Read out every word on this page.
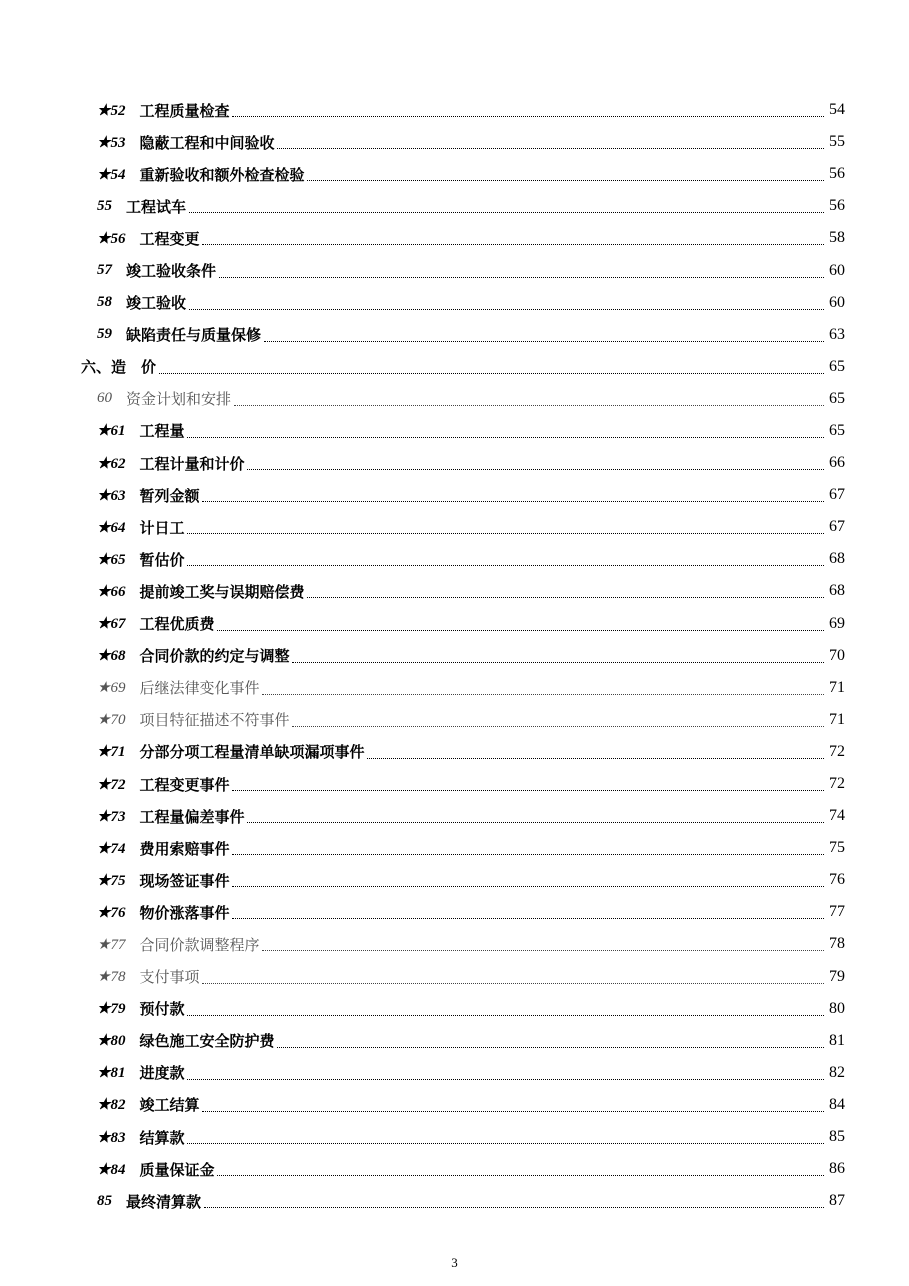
★52 工程质量检查	54
★53 隐蔽工程和中间验收	55
★54 重新验收和额外检查检验	56
55 工程试车	56
★56 工程变更	58
57 竣工验收条件	60
58 竣工验收	60
59 缺陷责任与质量保修	63
六、造　价	65
60 资金计划和安排	65
★61 工程量	65
★62 工程计量和计价	66
★63 暂列金额	67
★64 计日工	67
★65 暂估价	68
★66 提前竣工奖与误期赔偿费	68
★67 工程优质费	69
★68 合同价款的约定与调整	70
★69 后继法律变化事件	71
★70 项目特征描述不符事件	71
★71 分部分项工程量清单缺项漏项事件	72
★72 工程变更事件	72
★73 工程量偏差事件	74
★74 费用索赔事件	75
★75 现场签证事件	76
★76 物价涨落事件	77
★77 合同价款调整程序	78
★78 支付事项	79
★79 预付款	80
★80 绿色施工安全防护费	81
★81 进度款	82
★82 竣工结算	84
★83 结算款	85
★84 质量保证金	86
85 最终清算款	87
3
